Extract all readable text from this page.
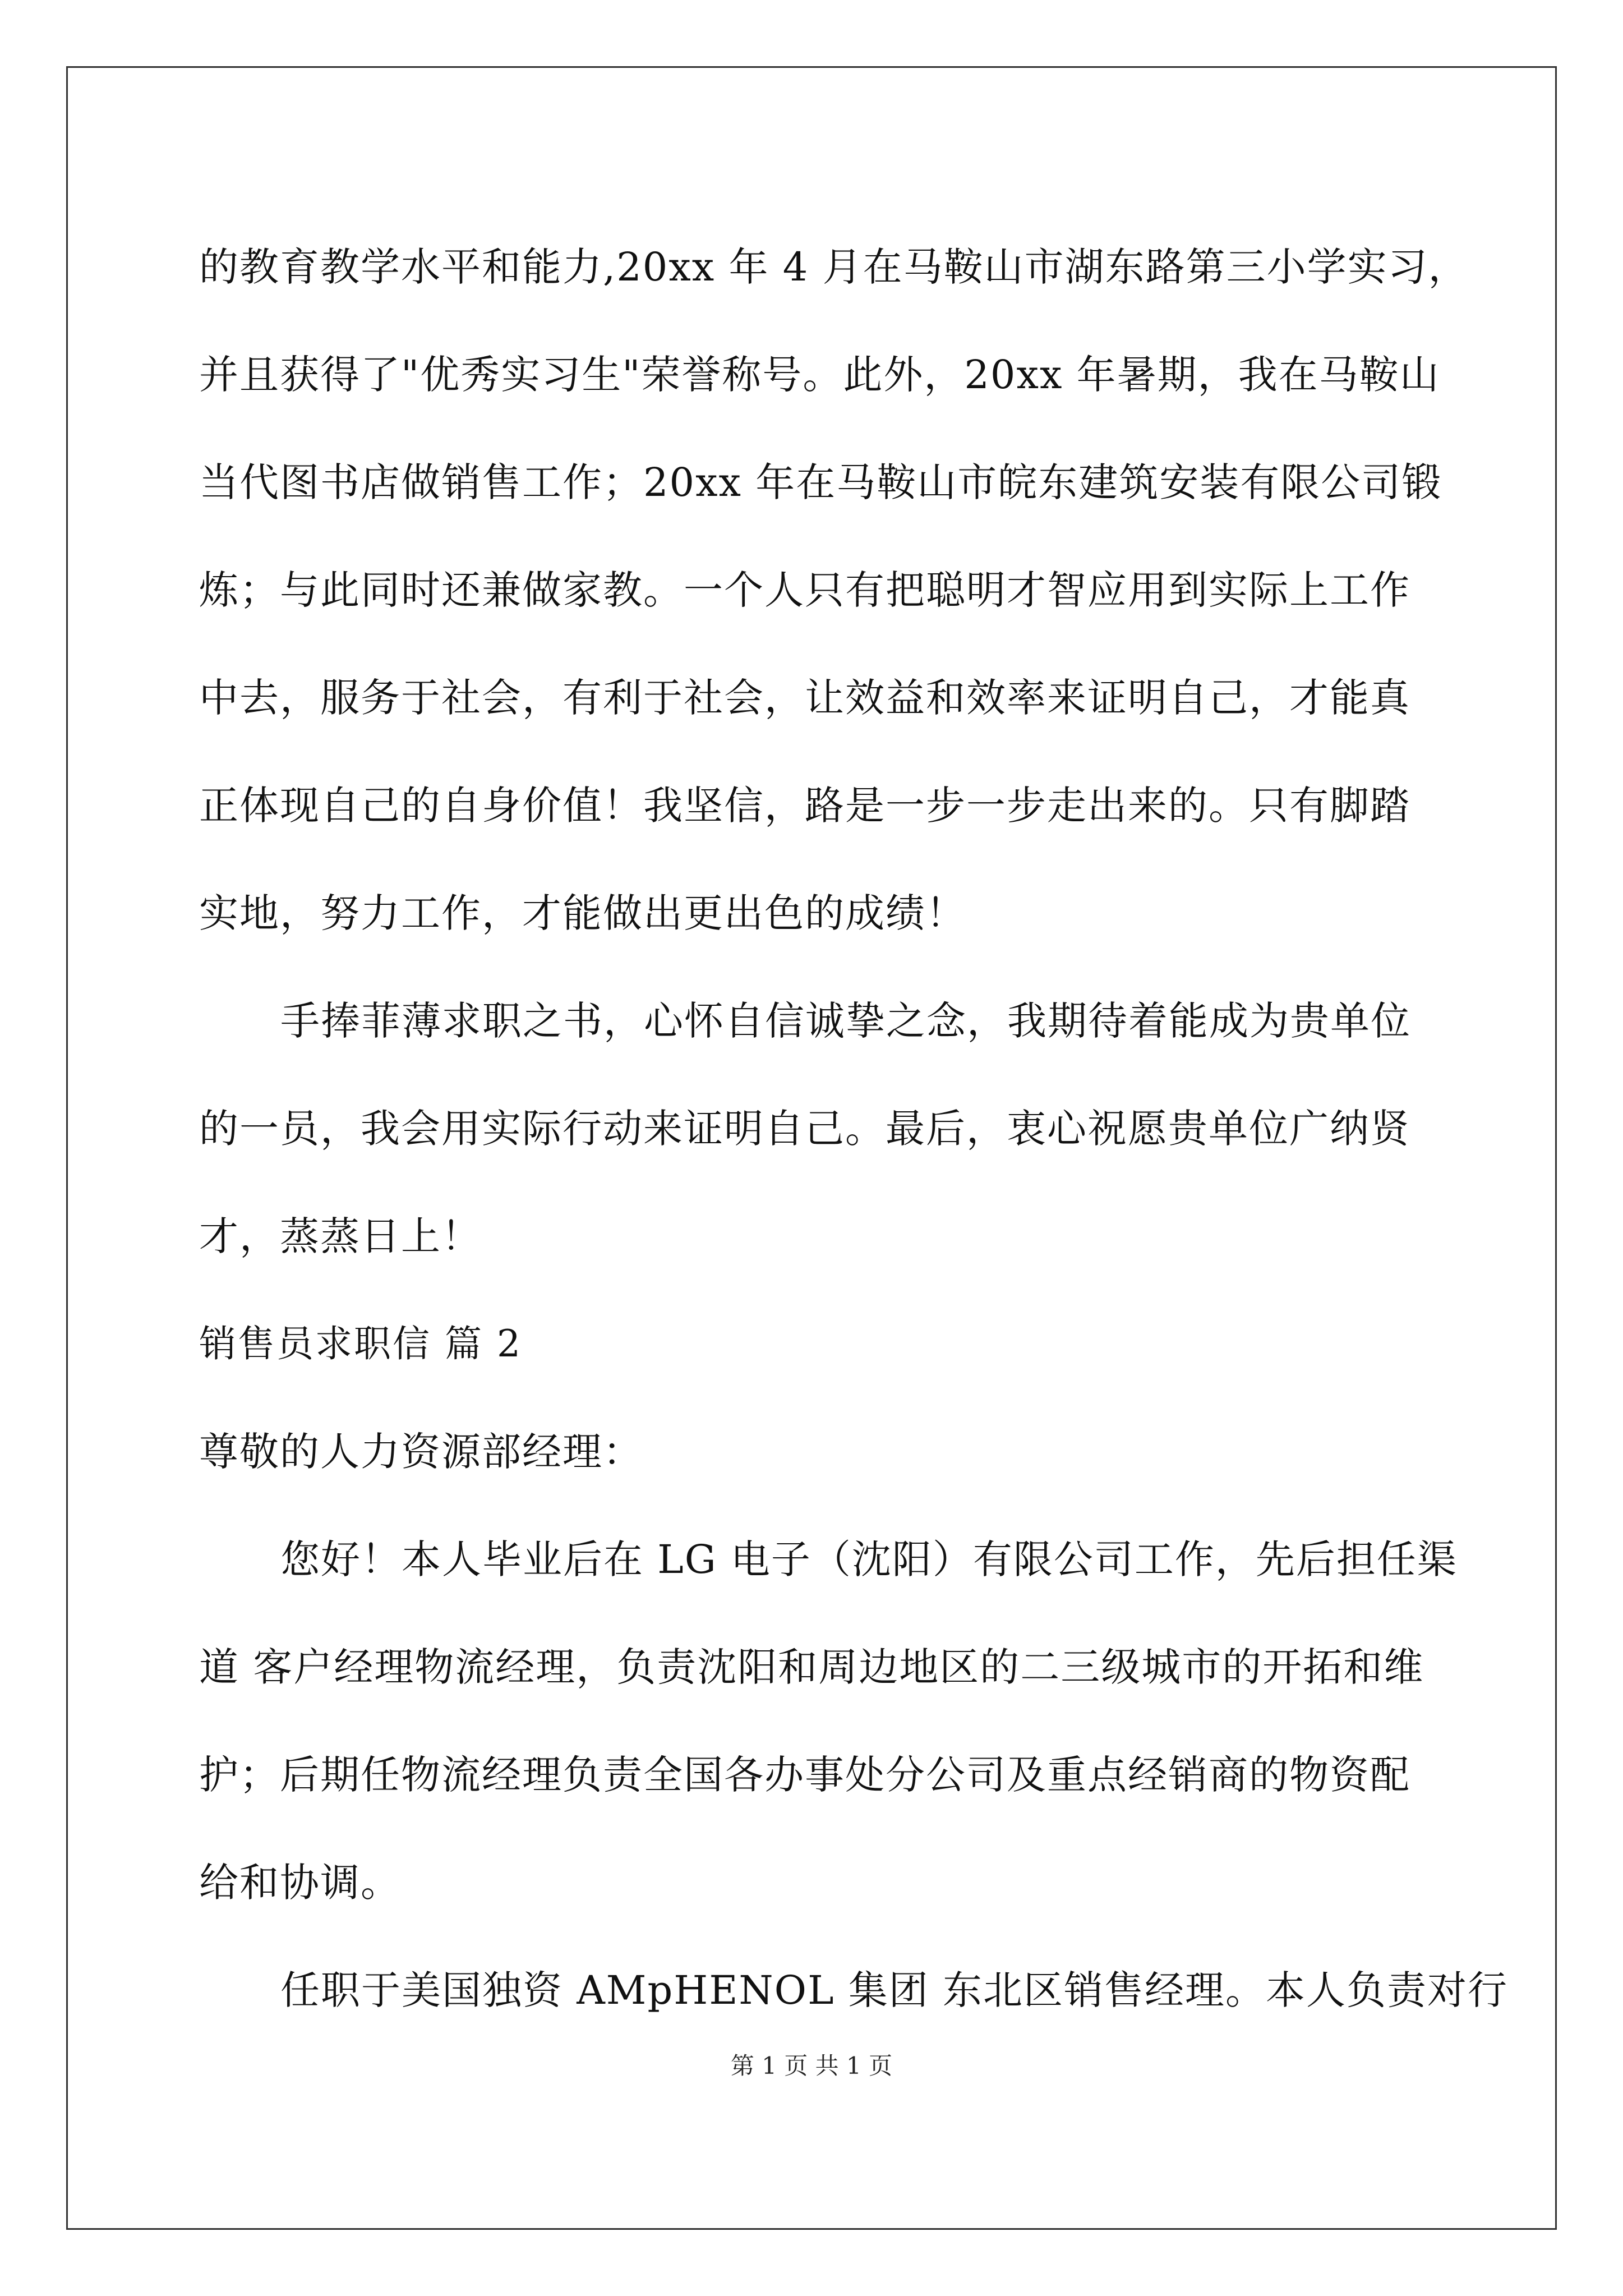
的教育教学水平和能力,20xx 年 4 月在马鞍山市湖东路第三小学实习，
并且获得了"优秀实习生"荣誉称号。此外，20xx 年暑期，我在马鞍山
当代图书店做销售工作；20xx 年在马鞍山市皖东建筑安装有限公司锻
炼；与此同时还兼做家教。一个人只有把聪明才智应用到实际上工作
中去，服务于社会，有利于社会，让效益和效率来证明自己，才能真
正体现自己的自身价值！我坚信，路是一步一步走出来的。只有脚踏
实地，努力工作，才能做出更出色的成绩！
手捧菲薄求职之书，心怀自信诚挚之念，我期待着能成为贵单位
的一员，我会用实际行动来证明自己。最后，衷心祝愿贵单位广纳贤
才，蒸蒸日上！
销售员求职信 篇 2
尊敬的人力资源部经理：
您好！本人毕业后在 LG 电子（沈阳）有限公司工作，先后担任渠
道 客户经理物流经理，负责沈阳和周边地区的二三级城市的开拓和维
护；后期任物流经理负责全国各办事处分公司及重点经销商的物资配
给和协调。
任职于美国独资 AMpHENOL 集团 东北区销售经理。本人负责对行
第 1 页 共 1 页
